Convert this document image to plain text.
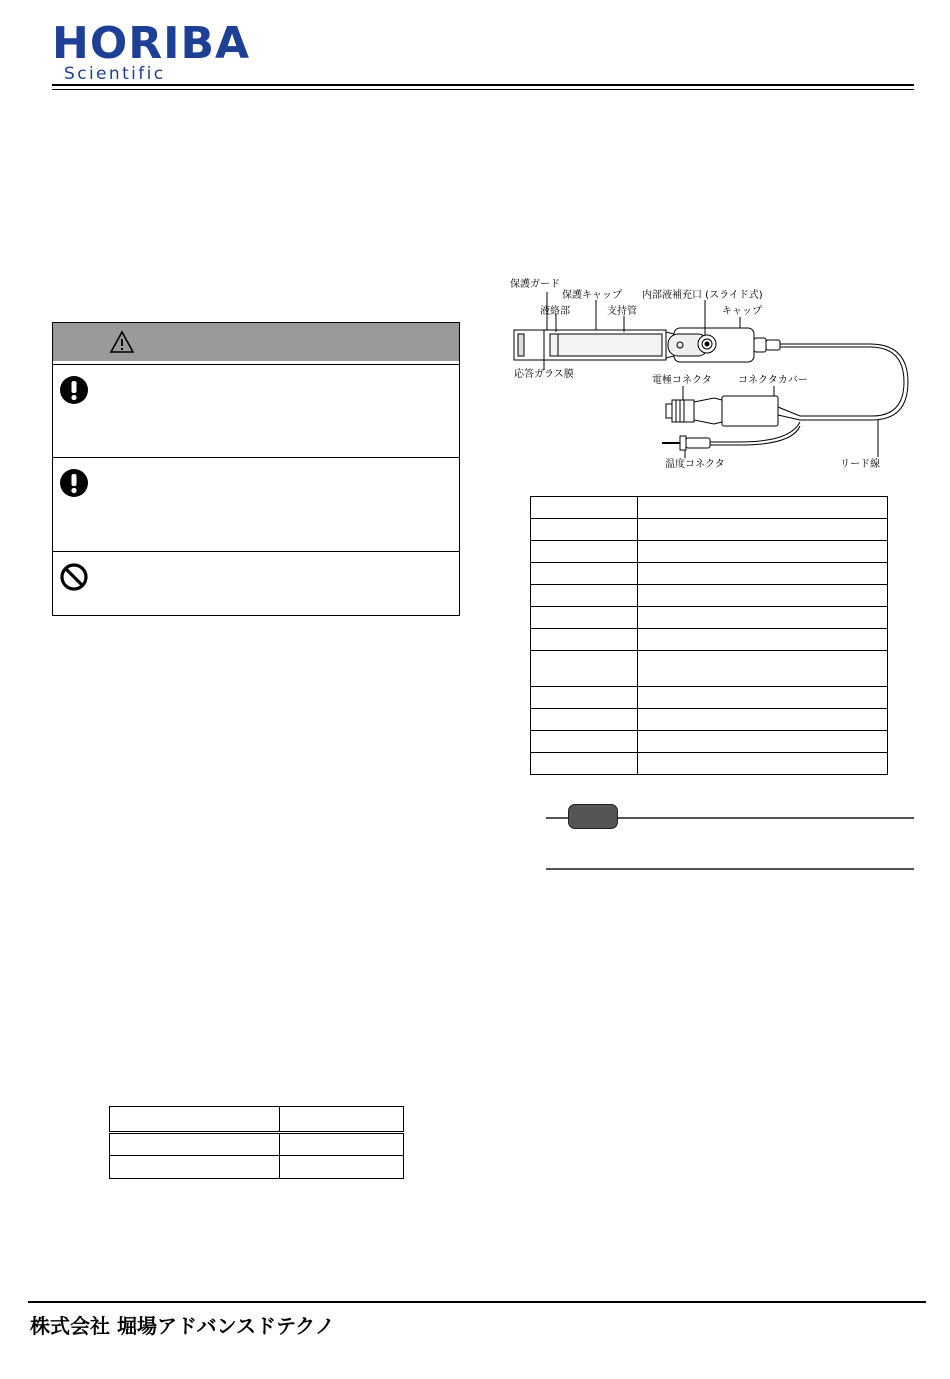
HORIBA
Scientific
保護ガード
保護キャップ 内部液補充口 (スライド式)
液絡部	支持管	キャップ
応答ガラス膜
電極コネクタ	コネクタカバー
温度コネクタ	リード線

株式会社 堀場アドバンスドテクノ
